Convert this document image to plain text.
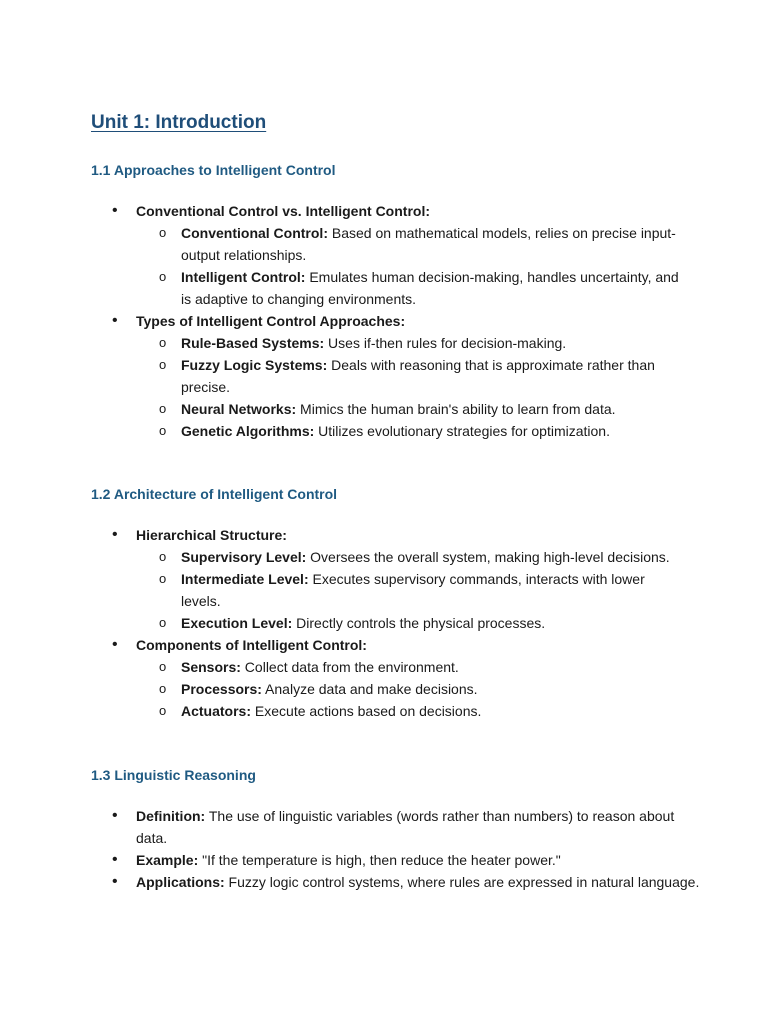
Unit 1: Introduction
1.1 Approaches to Intelligent Control
• Conventional Control vs. Intelligent Control:
o Conventional Control: Based on mathematical models, relies on precise input-output relationships.
o Intelligent Control: Emulates human decision-making, handles uncertainty, and is adaptive to changing environments.
• Types of Intelligent Control Approaches:
o Rule-Based Systems: Uses if-then rules for decision-making.
o Fuzzy Logic Systems: Deals with reasoning that is approximate rather than precise.
o Neural Networks: Mimics the human brain's ability to learn from data.
o Genetic Algorithms: Utilizes evolutionary strategies for optimization.
1.2 Architecture of Intelligent Control
• Hierarchical Structure:
o Supervisory Level: Oversees the overall system, making high-level decisions.
o Intermediate Level: Executes supervisory commands, interacts with lower levels.
o Execution Level: Directly controls the physical processes.
• Components of Intelligent Control:
o Sensors: Collect data from the environment.
o Processors: Analyze data and make decisions.
o Actuators: Execute actions based on decisions.
1.3 Linguistic Reasoning
• Definition: The use of linguistic variables (words rather than numbers) to reason about data.
• Example: "If the temperature is high, then reduce the heater power."
• Applications: Fuzzy logic control systems, where rules are expressed in natural language.
